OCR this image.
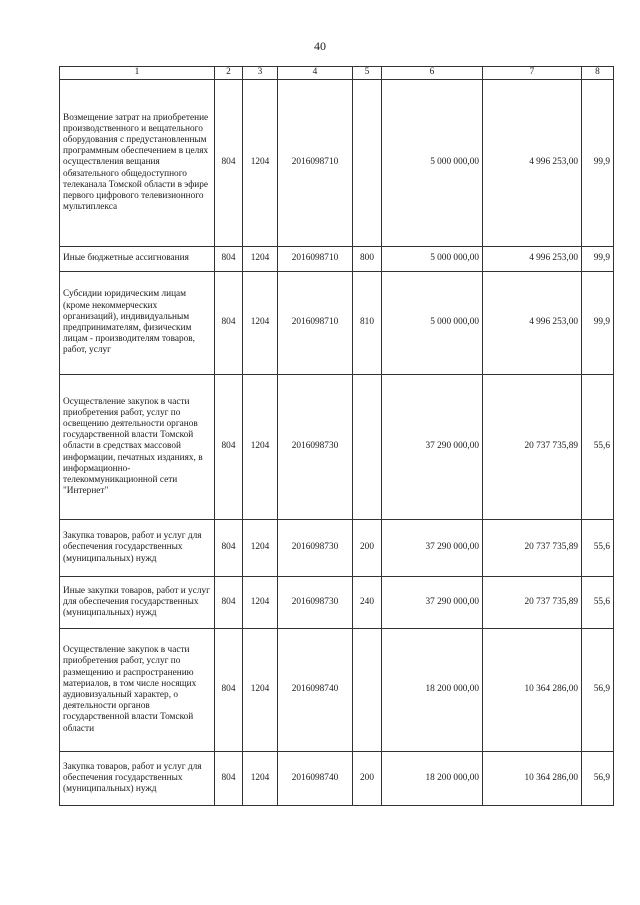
40
1	2	3	4	5	6	7	8
Возмещение затрат на приобретение производственного и вещательного оборудования с предустановленным программным обеспечением в целях осуществления вещания обязательного общедоступного телеканала Томской области в эфире первого цифрового телевизионного мультиплекса	804	1204	2016098710		5 000 000,00	4 996 253,00	99,9
Иные бюджетные ассигнования	804	1204	2016098710	800	5 000 000,00	4 996 253,00	99,9
Субсидии юридическим лицам (кроме некоммерческих организаций), индивидуальным предпринимателям, физическим лицам - производителям товаров, работ, услуг	804	1204	2016098710	810	5 000 000,00	4 996 253,00	99,9
Осуществление закупок в части приобретения работ, услуг по освещению деятельности органов государственной власти Томской области в средствах массовой информации, печатных изданиях, в информационно-телекоммуникационной сети "Интернет"	804	1204	2016098730		37 290 000,00	20 737 735,89	55,6
Закупка товаров, работ и услуг для обеспечения государственных (муниципальных) нужд	804	1204	2016098730	200	37 290 000,00	20 737 735,89	55,6
Иные закупки товаров, работ и услуг для обеспечения государственных (муниципальных) нужд	804	1204	2016098730	240	37 290 000,00	20 737 735,89	55,6
Осуществление закупок в части приобретения работ, услуг по размещению и распространению материалов, в том числе носящих аудиовизуальный характер, о деятельности органов государственной власти Томской области	804	1204	2016098740		18 200 000,00	10 364 286,00	56,9
Закупка товаров, работ и услуг для обеспечения государственных (муниципальных) нужд	804	1204	2016098740	200	18 200 000,00	10 364 286,00	56,9
